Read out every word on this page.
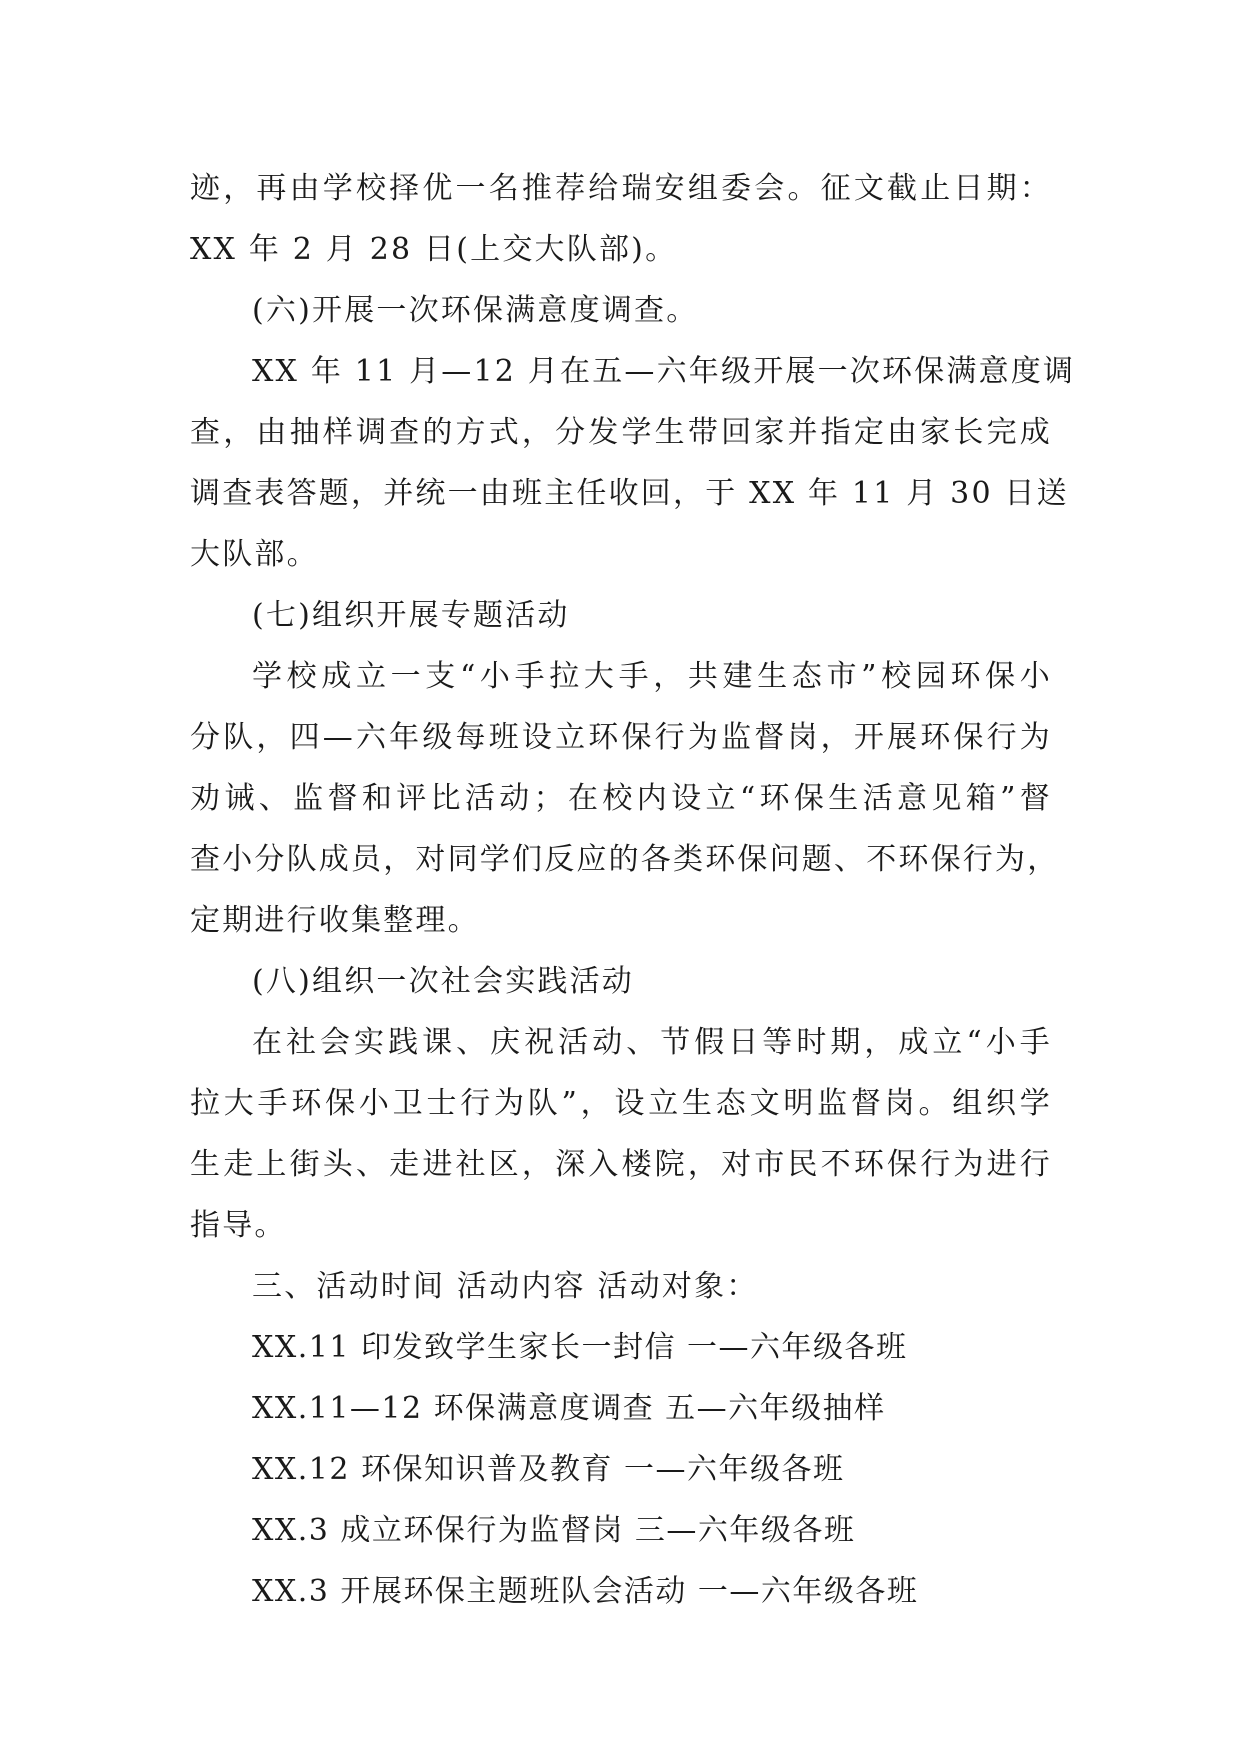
迹，再由学校择优一名推荐给瑞安组委会。征文截止日期：
XX 年 2 月 28 日(上交大队部)。
(六)开展一次环保满意度调查。
XX 年 11 月—12 月在五—六年级开展一次环保满意度调
查，由抽样调查的方式，分发学生带回家并指定由家长完成
调查表答题，并统一由班主任收回，于 XX 年 11 月 30 日送
大队部。
(七)组织开展专题活动
学校成立一支“小手拉大手，共建生态市”校园环保小
分队，四—六年级每班设立环保行为监督岗，开展环保行为
劝诫、监督和评比活动；在校内设立“环保生活意见箱”督
查小分队成员，对同学们反应的各类环保问题、不环保行为，
定期进行收集整理。
(八)组织一次社会实践活动
在社会实践课、庆祝活动、节假日等时期，成立“小手
拉大手环保小卫士行为队”，设立生态文明监督岗。组织学
生走上街头、走进社区，深入楼院，对市民不环保行为进行
指导。
三、活动时间 活动内容 活动对象：
XX.11 印发致学生家长一封信 一—六年级各班
XX.11—12 环保满意度调查 五—六年级抽样
XX.12 环保知识普及教育 一—六年级各班
XX.3 成立环保行为监督岗 三—六年级各班
XX.3 开展环保主题班队会活动 一—六年级各班
